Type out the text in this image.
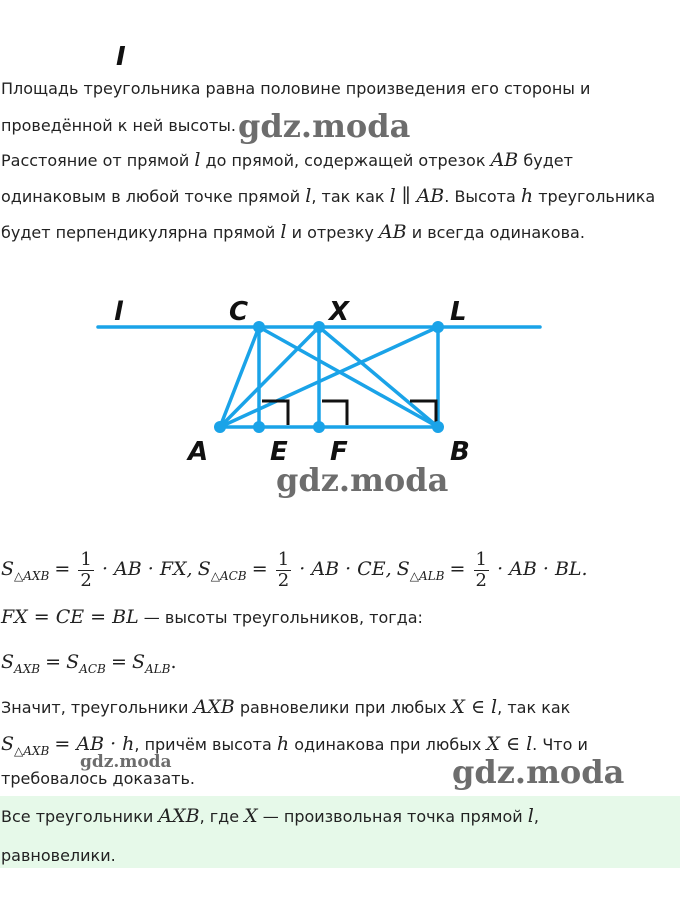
I
Площадь треугольника равна половине произведения его стороны и
проведённой к ней высоты.
Расстояние от прямой l до прямой, содержащей отрезок AB будет
одинаковым в любой точке прямой l, так как l ∥ AB. Высота h треугольника
будет перпендикулярна прямой l и отрезку AB и всегда одинакова.
l	C	X	L
A E F	B
$S_{\triangle AXB} = \frac{1}{2}$ · AB · FX, $S_{\triangle ACB} = \frac{1}{2}$ · AB · CE, $S_{\triangle ALB} = \frac{1}{2}$ · AB · BL.
FX = CE = BL — высоты треугольников, тогда:
$S_{AXB} = S_{ACB} = S_{ALB}$.
Значит, треугольники AXB равновелики при любых X ∈ l, так как
$S_{\triangle AXB}$ = AB · h, причём высота h одинакова при любых X ∈ l. Что и
требовалось доказать.
Все треугольники AXB, где X — произвольная точка прямой l,
равновелики.
gdz.moda
gdz.moda
gdz.moda	gdz.moda
